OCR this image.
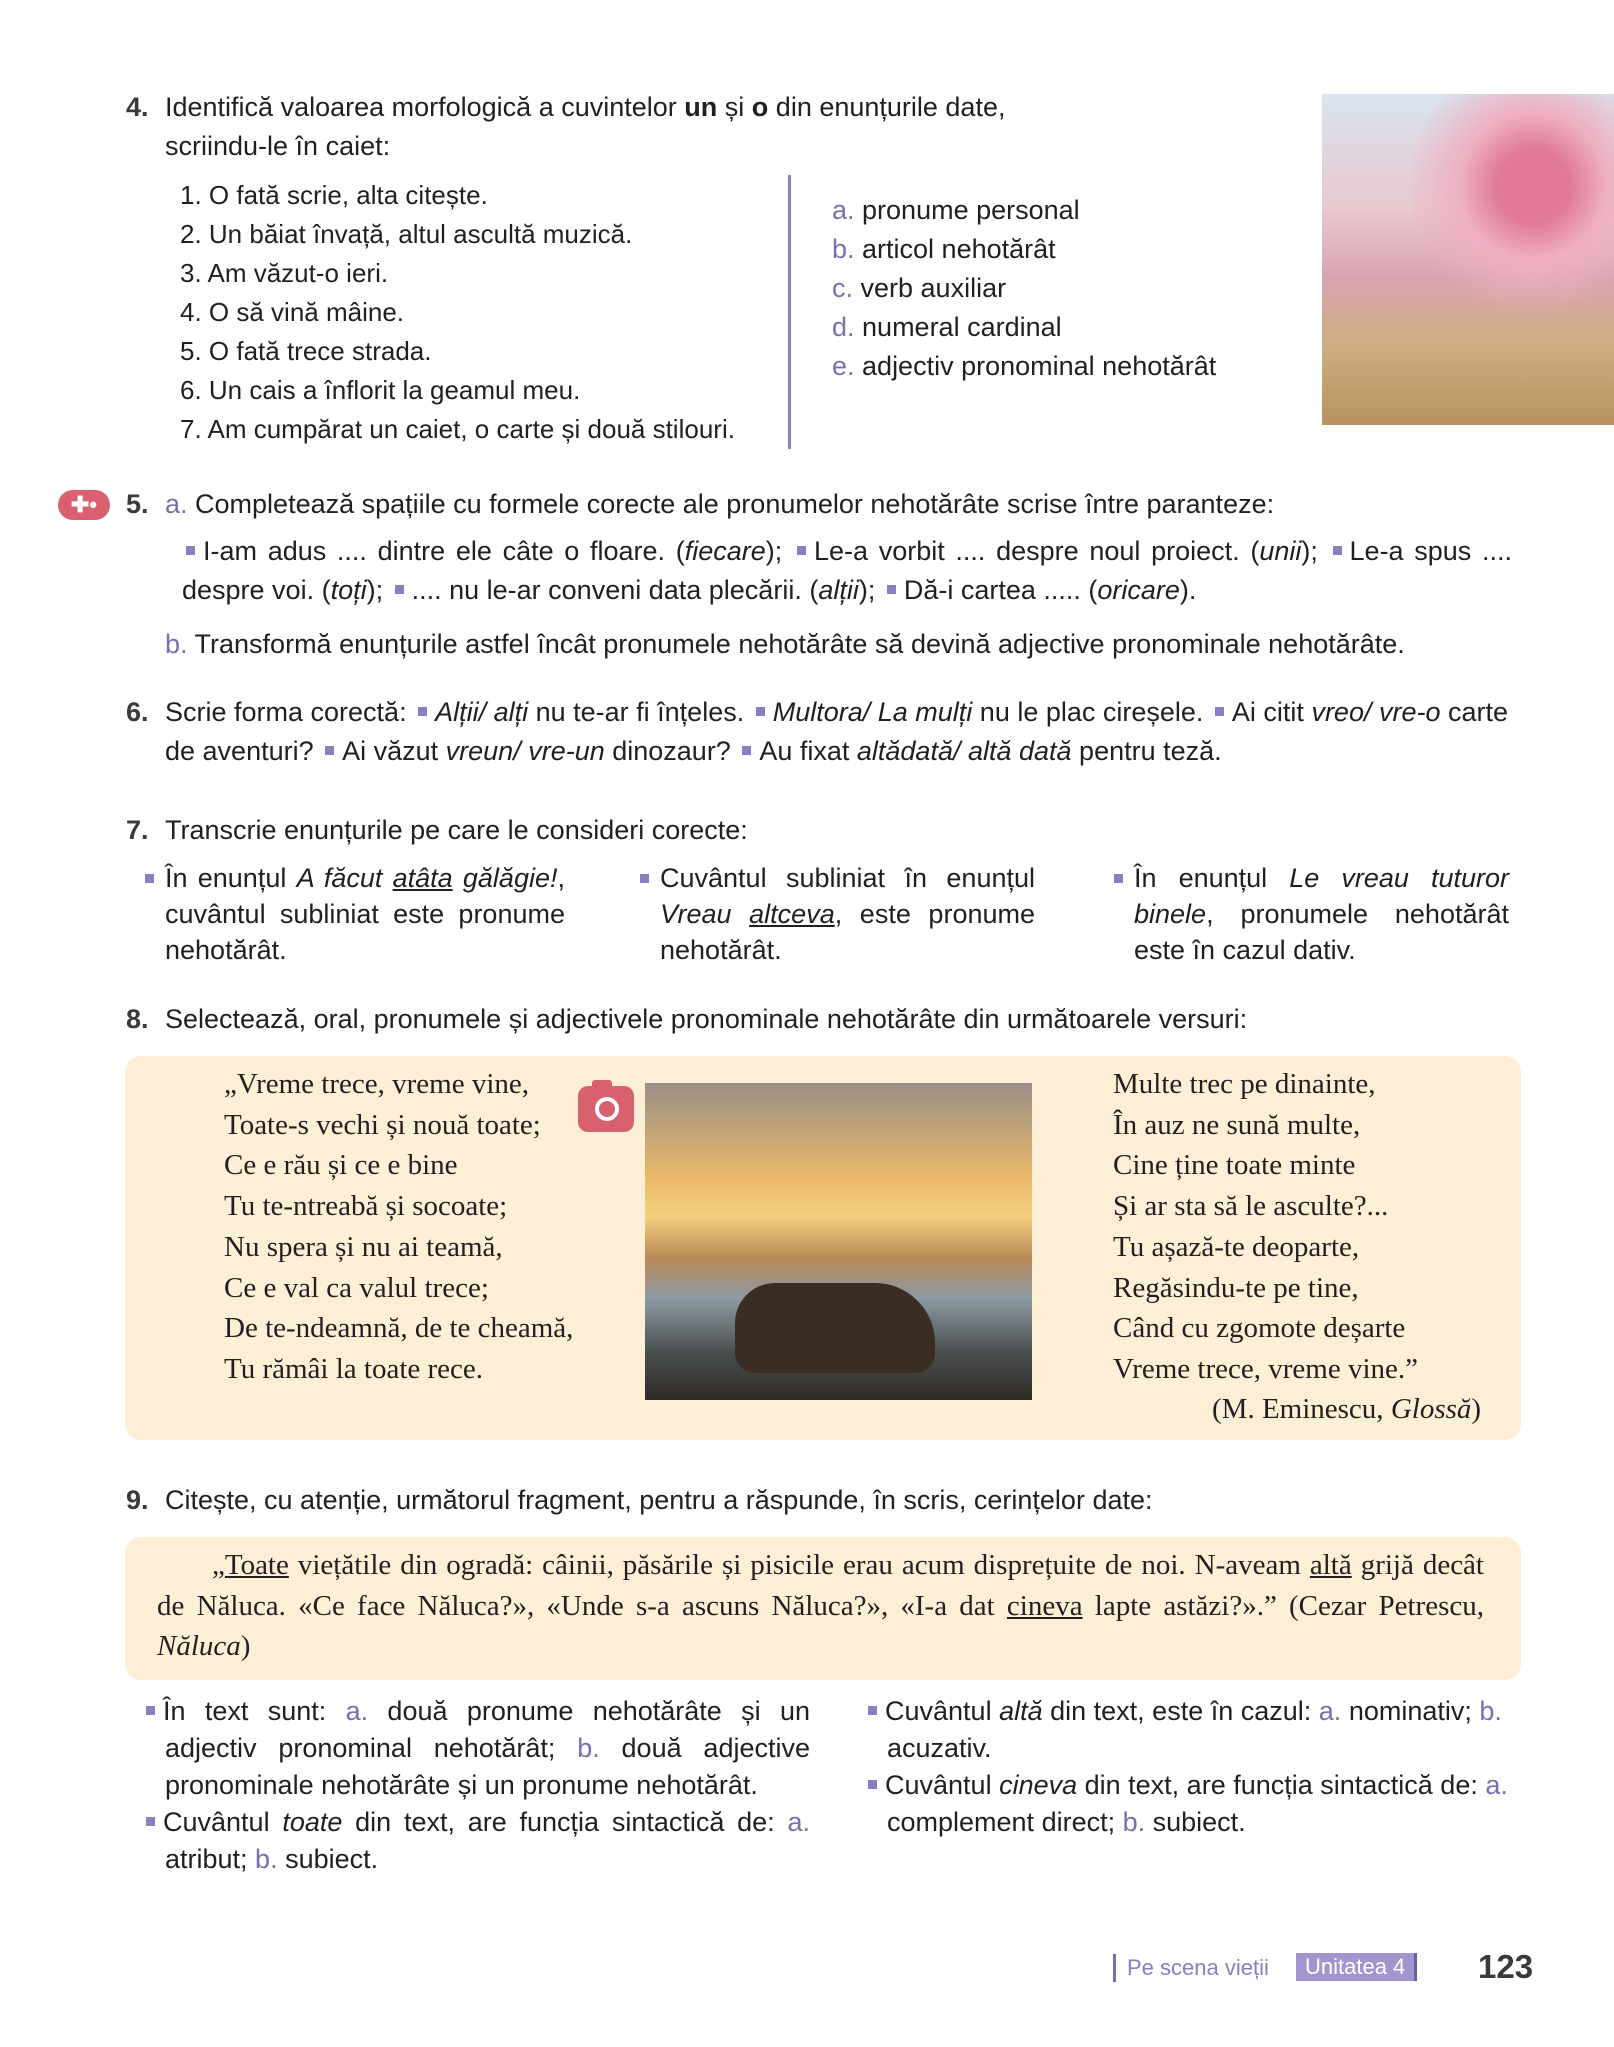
4. Identifică valoarea morfologică a cuvintelor un și o din enunțurile date,
scriindu-le în caiet:
1. O fată scrie, alta citește.
2. Un băiat învață, altul ascultă muzică.
3. Am văzut-o ieri.
4. O să vină mâine.
5. O fată trece strada.
6. Un cais a înflorit la geamul meu.
7. Am cumpărat un caiet, o carte și două stilouri.
a. pronume personal
b. articol nehotărât
c. verb auxiliar
d. numeral cardinal
e. adjectiv pronominal nehotărât
✚•	5. a. Completează spațiile cu formele corecte ale pronumelor nehotărâte scrise între paranteze:
I-am adus .... dintre ele câte o floare. (fiecare); Le-a vorbit .... despre noul proiect. (unii); Le-a spus .... despre voi. (toți); .... nu le-ar conveni data plecării. (alții); Dă-i cartea ..... (oricare).
b. Transformă enunțurile astfel încât pronumele nehotărâte să devină adjective pronominale nehotărâte.
6. Scrie forma corectă: Alții/ alți nu te-ar fi înțeles. Multora/ La mulți nu le plac cireșele. Ai citit vreo/ vre-o carte de aventuri? Ai văzut vreun/ vre-un dinozaur? Au fixat altădată/ altă dată pentru teză.
7. Transcrie enunțurile pe care le consideri corecte:
În enunțul A făcut atâta gălăgie!, cuvântul subliniat este pronume nehotărât.
Cuvântul subliniat în enunțul Vreau altceva, este pronume nehotărât.
În enunțul Le vreau tuturor binele, pronumele nehotărât este în cazul dativ.
8. Selectează, oral, pronumele și adjectivele pronominale nehotărâte din următoarele versuri:
„Vreme trece, vreme vine,
Toate-s vechi și nouă toate;
Ce e rău și ce e bine
Tu te-ntreabă și socoate;
Nu spera și nu ai teamă,
Ce e val ca valul trece;
De te-ndeamnă, de te cheamă,
Tu rămâi la toate rece.
Multe trec pe dinainte,
În auz ne sună multe,
Cine ține toate minte
Și ar sta să le asculte?...
Tu așază-te deoparte,
Regăsindu-te pe tine,
Când cu zgomote deșarte
Vreme trece, vreme vine.”
(M. Eminescu, Glossă)
9. Citește, cu atenție, următorul fragment, pentru a răspunde, în scris, cerințelor date:
„Toate viețătile din ogradă: câinii, păsările și pisicile erau acum disprețuite de noi. N-aveam altă grijă decât de Năluca. «Ce face Năluca?», «Unde s-a ascuns Năluca?», «I-a dat cineva lapte astăzi?».” (Cezar Petrescu, Năluca)
În text sunt: a. două pronume nehotărâte și un adjectiv pronominal nehotărât; b. două adjective pronominale nehotărâte și un pronume nehotărât.
Cuvântul toate din text, are funcția sintactică de: a. atribut; b. subiect.
Cuvântul altă din text, este în cazul: a. nominativ; b. acuzativ.
Cuvântul cineva din text, are funcția sintactică de: a. complement direct; b. subiect.
Pe scena vieții	Unitatea 4	123
